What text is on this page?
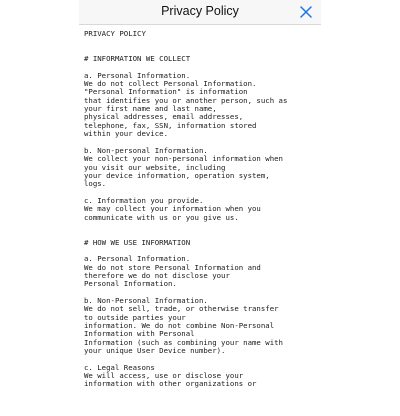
Privacy Policy
PRIVACY POLICY

# INFORMATION WE COLLECT

a. Personal Information.
We do not collect Personal Information.
"Personal Information" is information
that identifies you or another person, such as
your first name and last name,
physical addresses, email addresses,
telephone, fax, SSN, information stored
within your device.

b. Non-personal Information.
We collect your non-personal information when
you visit our website, including
your device information, operation system,
logs.

c. Information you provide.
We may collect your information when you
communicate with us or you give us.

# HOW WE USE INFORMATION

a. Personal Information.
We do not store Personal Information and
therefore we do not disclose your
Personal Information.

b. Non-Personal Information.
We do not sell, trade, or otherwise transfer
to outside parties your
information. We do not combine Non-Personal
Information with Personal
Information (such as combining your name with
your unique User Device number).

c. Legal Reasons
We will access, use or disclose your
information with other organizations or
